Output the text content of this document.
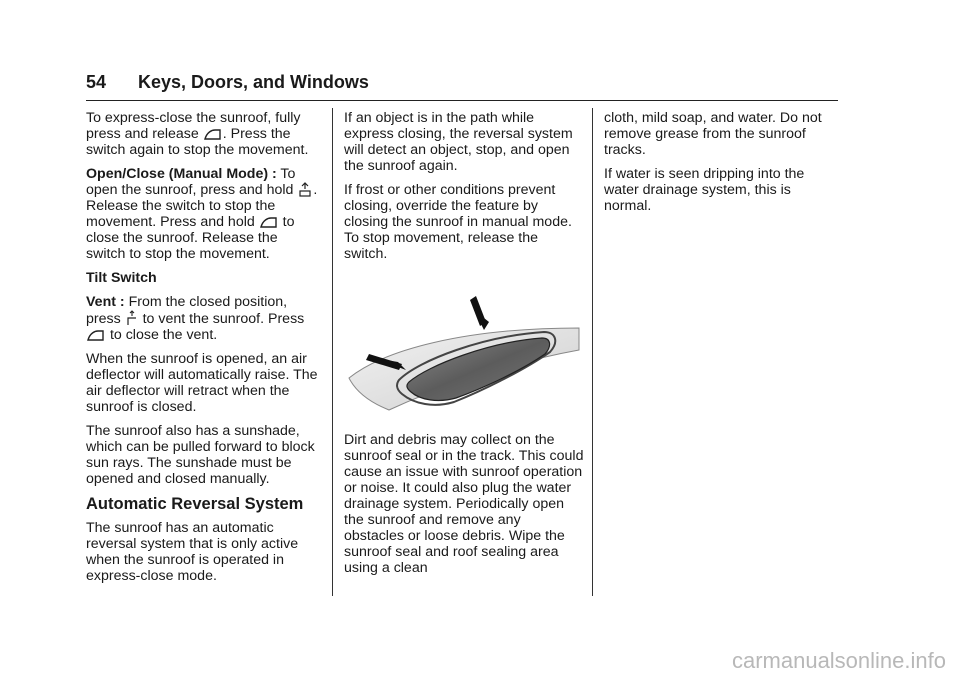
54 Keys, Doors, and Windows

To express-close the sunroof, fully press and release . Press the switch again to stop the movement.

Open/Close (Manual Mode) : To open the sunroof, press and hold . Release the switch to stop the movement. Press and hold
to close the sunroof. Release the switch to stop the movement.

Tilt Switch

Vent : From the closed position, press
to vent the sunroof. Press
to close the vent.

When the sunroof is opened, an air deflector will automatically raise. The air deflector will retract when the sunroof is closed.

The sunroof also has a sunshade, which can be pulled forward to block sun rays. The sunshade must be opened and closed manually.

Automatic Reversal System

The sunroof has an automatic reversal system that is only active when the sunroof is operated in express-close mode.

If an object is in the path while express closing, the reversal system will detect an object, stop, and open the sunroof again.

If frost or other conditions prevent closing, override the feature by closing the sunroof in manual mode. To stop movement, release the switch.

Dirt and debris may collect on the sunroof seal or in the track. This could cause an issue with sunroof operation or noise. It could also plug the water drainage system. Periodically open the sunroof and remove any obstacles or loose debris. Wipe the sunroof seal and roof sealing area using a clean

cloth, mild soap, and water. Do not remove grease from the sunroof tracks.

If water is seen dripping into the water drainage system, this is normal.

carmanualsonline.info
